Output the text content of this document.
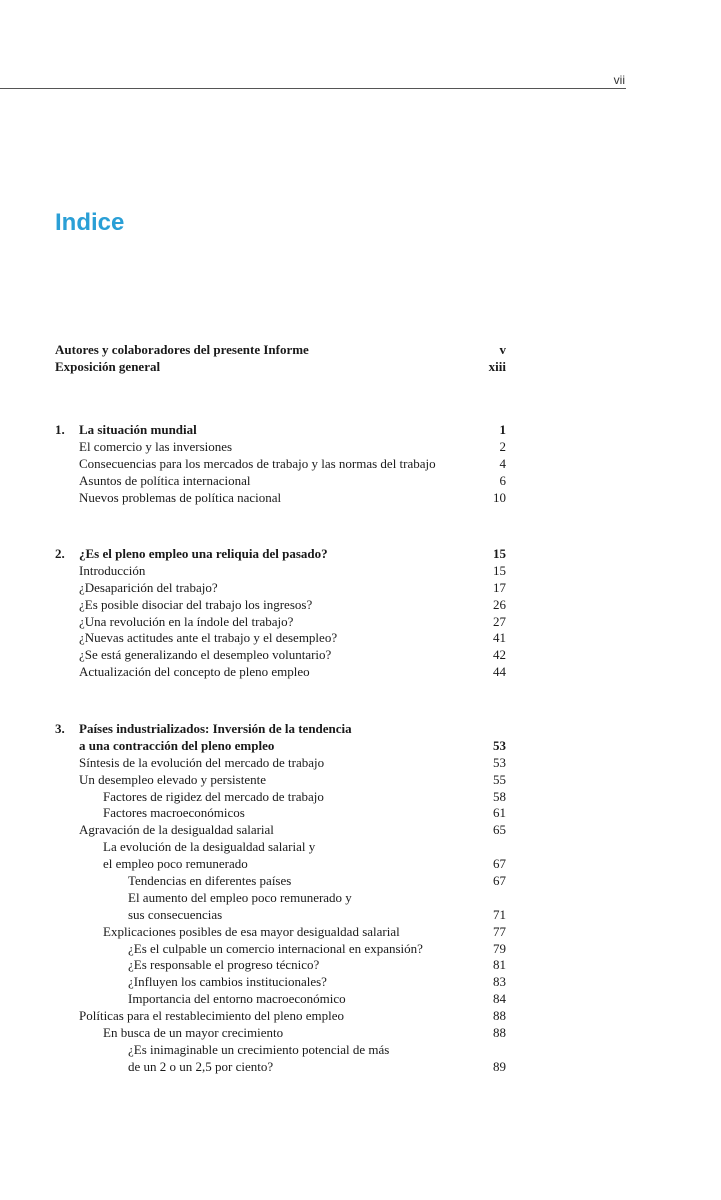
vii
Indice
Autores y colaboradores del presente Informe	v
Exposición general	xiii
1. La situación mundial	1
El comercio y las inversiones	2
Consecuencias para los mercados de trabajo y las normas del trabajo	4
Asuntos de política internacional	6
Nuevos problemas de política nacional	10
2. ¿Es el pleno empleo una reliquia del pasado?	15
Introducción	15
¿Desaparición del trabajo?	17
¿Es posible disociar del trabajo los ingresos?	26
¿Una revolución en la índole del trabajo?	27
¿Nuevas actitudes ante el trabajo y el desempleo?	41
¿Se está generalizando el desempleo voluntario?	42
Actualización del concepto de pleno empleo	44
3. Países industrializados: Inversión de la tendencia
a una contracción del pleno empleo	53
Síntesis de la evolución del mercado de trabajo	53
Un desempleo elevado y persistente	55
Factores de rigidez del mercado de trabajo	58
Factores macroeconómicos	61
Agravación de la desigualdad salarial	65
La evolución de la desigualdad salarial y
el empleo poco remunerado	67
Tendencias en diferentes países	67
El aumento del empleo poco remunerado y
sus consecuencias	71
Explicaciones posibles de esa mayor desigualdad salarial	77
¿Es el culpable un comercio internacional en expansión?	79
¿Es responsable el progreso técnico?	81
¿Influyen los cambios institucionales?	83
Importancia del entorno macroeconómico	84
Políticas para el restablecimiento del pleno empleo	88
En busca de un mayor crecimiento	88
¿Es inimaginable un crecimiento potencial de más
de un 2 o un 2,5 por ciento?	89
